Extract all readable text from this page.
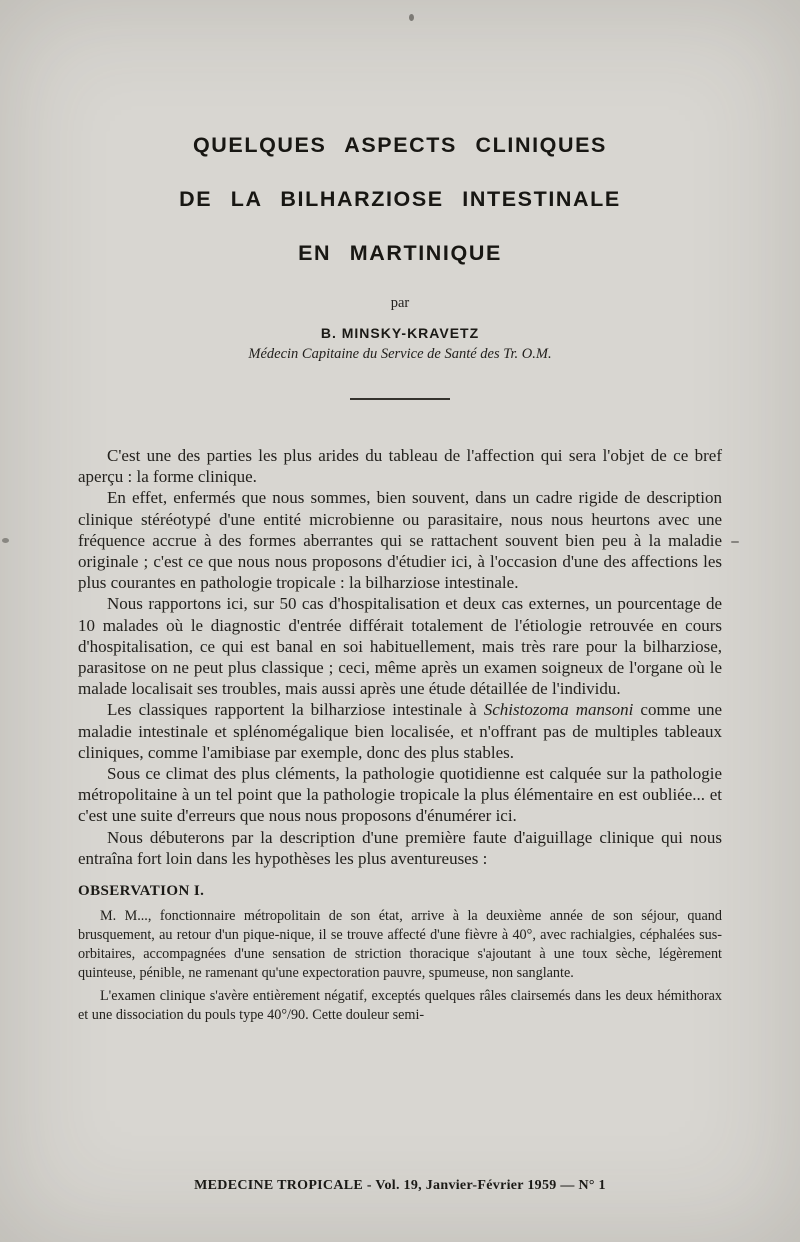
QUELQUES ASPECTS CLINIQUES
DE LA BILHARZIOSE INTESTINALE
EN MARTINIQUE
par
B. MINSKY-KRAVETZ
Médecin Capitaine du Service de Santé des Tr. O.M.

C'est une des parties les plus arides du tableau de l'affection qui sera l'objet de ce bref aperçu : la forme clinique.

En effet, enfermés que nous sommes, bien souvent, dans un cadre rigide de description clinique stéréotypé d'une entité microbienne ou parasitaire, nous nous heurtons avec une fréquence accrue à des formes aberrantes qui se rattachent souvent bien peu à la maladie originale ; c'est ce que nous nous proposons d'étudier ici, à l'occasion d'une des affections les plus courantes en pathologie tropicale : la bilharziose intestinale.

Nous rapportons ici, sur 50 cas d'hospitalisation et deux cas externes, un pourcentage de 10 malades où le diagnostic d'entrée différait totalement de l'étiologie retrouvée en cours d'hospitalisation, ce qui est banal en soi habituellement, mais très rare pour la bilharziose, parasitose on ne peut plus classique ; ceci, même après un examen soigneux de l'organe où le malade localisait ses troubles, mais aussi après une étude détaillée de l'individu.

Les classiques rapportent la bilharziose intestinale à Schistozoma mansoni comme une maladie intestinale et splénomégalique bien localisée, et n'offrant pas de multiples tableaux cliniques, comme l'amibiase par exemple, donc des plus stables.

Sous ce climat des plus cléments, la pathologie quotidienne est calquée sur la pathologie métropolitaine à un tel point que la pathologie tropicale la plus élémentaire en est oubliée... et c'est une suite d'erreurs que nous nous proposons d'énumérer ici.

Nous débuterons par la description d'une première faute d'aiguillage clinique qui nous entraîna fort loin dans les hypothèses les plus aventureuses :

OBSERVATION I.

M. M..., fonctionnaire métropolitain de son état, arrive à la deuxième année de son séjour, quand brusquement, au retour d'un pique-nique, il se trouve affecté d'une fièvre à 40°, avec rachialgies, céphalées sus-orbitaires, accompagnées d'une sensation de striction thoracique s'ajoutant à une toux sèche, légèrement quinteuse, pénible, ne ramenant qu'une expectoration pauvre, spumeuse, non sanglante.

L'examen clinique s'avère entièrement négatif, exceptés quelques râles clairsemés dans les deux hémithorax et une dissociation du pouls type 40°/90. Cette douleur semi-

MEDECINE TROPICALE - Vol. 19, Janvier-Février 1959 — N° 1
